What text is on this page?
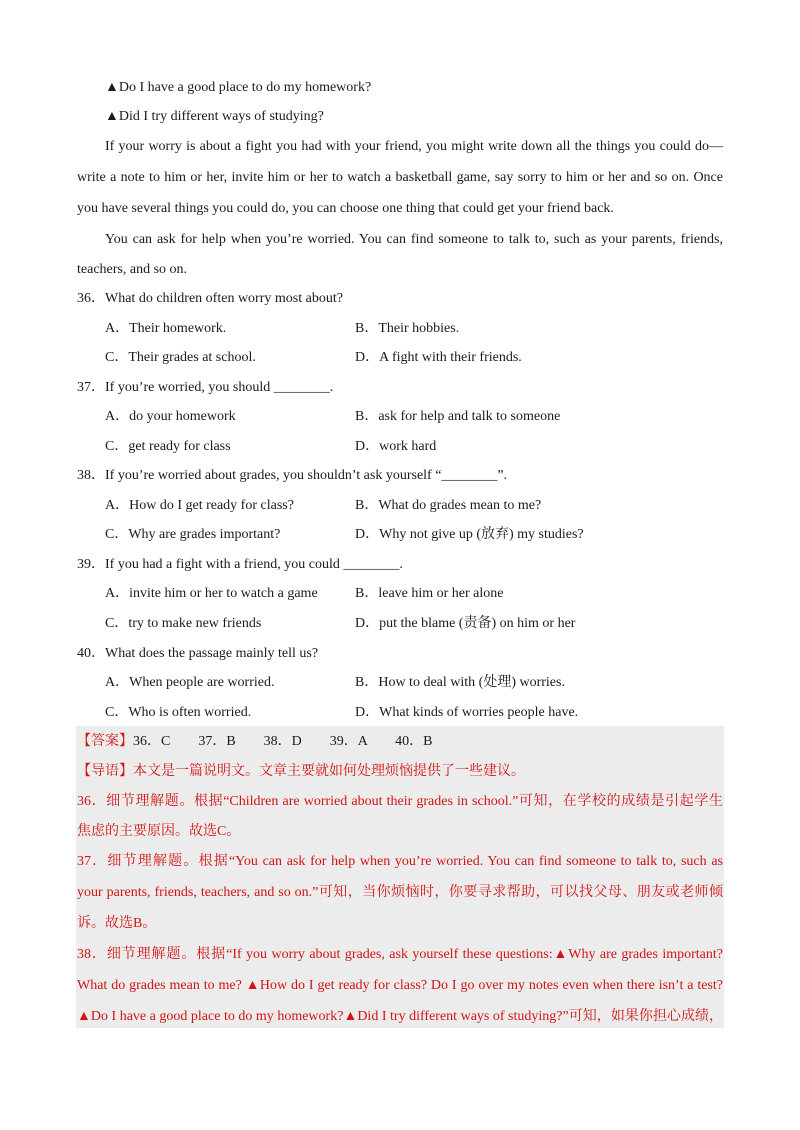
▲Do I have a good place to do my homework?
▲Did I try different ways of studying?
If your worry is about a fight you had with your friend, you might write down all the things you could do—
write a note to him or her, invite him or her to watch a basketball game, say sorry to him or her and so on. Once
you have several things you could do, you can choose one thing that could get your friend back.
You can ask for help when you’re worried. You can find someone to talk to, such as your parents, friends,
teachers, and so on.
36．What do children often worry most about?
A．Their homework.	B．Their hobbies.
C．Their grades at school.	D．A fight with their friends.
37．If you’re worried, you should ________.
A．do your homework	B．ask for help and talk to someone
C．get ready for class	D．work hard
38．If you’re worried about grades, you shouldn’t ask yourself “________”.
A．How do I get ready for class?	B．What do grades mean to me?
C．Why are grades important?	D．Why not give up (放弃) my studies?
39．If you had a fight with a friend, you could ________.
A．invite him or her to watch a game	B．leave him or her alone
C．try to make new friends	D．put the blame (责备) on him or her
40．What does the passage mainly tell us?
A．When people are worried.	B．How to deal with (处理) worries.
C．Who is often worried.	D．What kinds of worries people have.
【答案】36．C　　37．B　　38．D　　39．A　　40．B
【导语】本文是一篇说明文。文章主要就如何处理烦恼提供了一些建议。
36．细节理解题。根据“Children are worried about their grades in school.”可知，在学校的成绩是引起学生
焦虑的主要原因。故选C。
37．细节理解题。根据“You can ask for help when you’re worried. You can find someone to talk to, such as
your parents, friends, teachers, and so on.”可知，当你烦恼时，你要寻求帮助，可以找父母、朋友或老师倾
诉。故选B。
38．细节理解题。根据“If you worry about grades, ask yourself these questions:▲Why are grades important?
What do grades mean to me? ▲How do I get ready for class? Do I go over my notes even when there isn’t a test?
▲Do I have a good place to do my homework?▲Did I try different ways of studying?”可知，如果你担心成绩，
